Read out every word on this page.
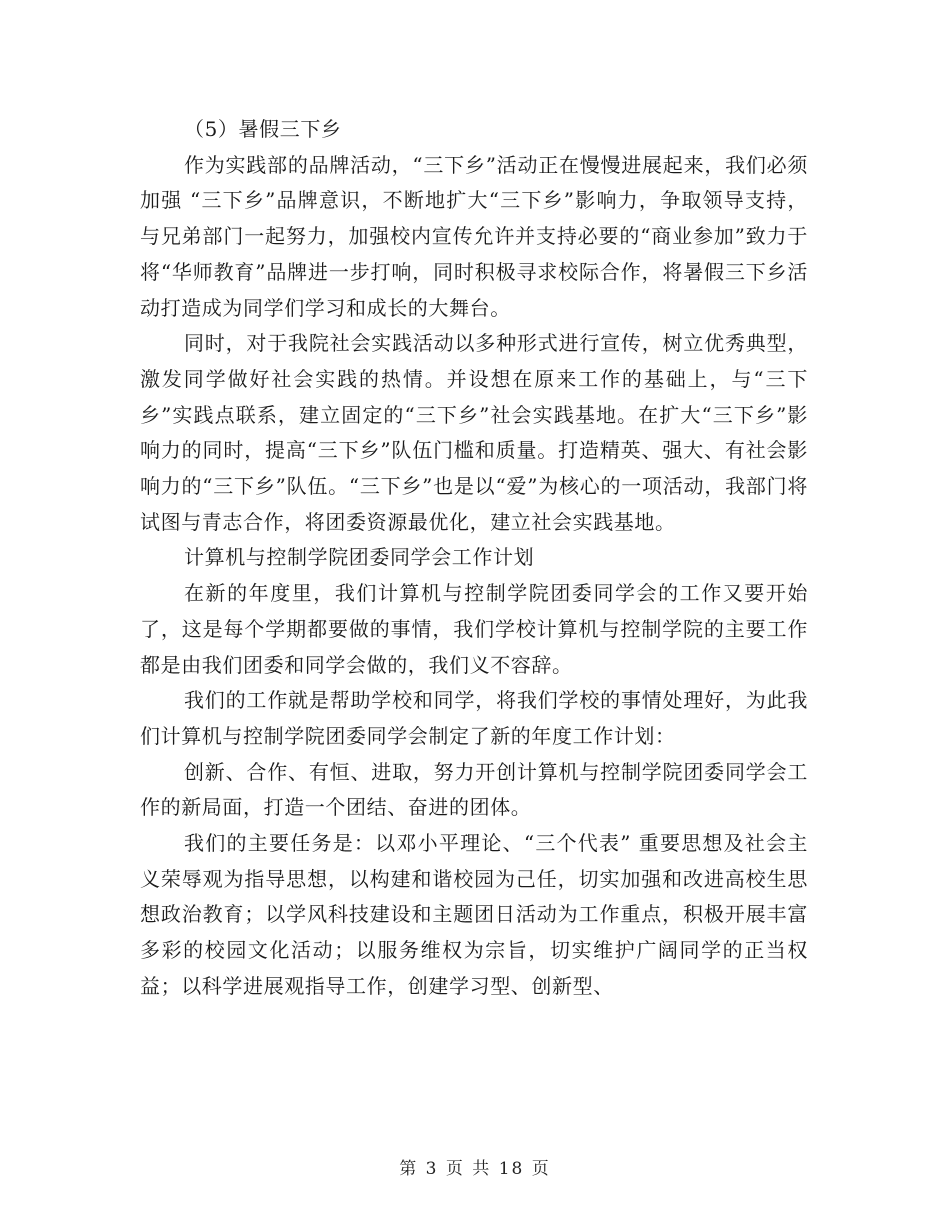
（5）暑假三下乡

作为实践部的品牌活动，“三下乡”活动正在慢慢进展起来，我们必须加强 “三下乡”品牌意识，不断地扩大“三下乡”影响力，争取领导支持，与兄弟部门一起努力，加强校内宣传允许并支持必要的“商业参加”致力于将“华师教育”品牌进一步打响，同时积极寻求校际合作，将暑假三下乡活动打造成为同学们学习和成长的大舞台。

同时，对于我院社会实践活动以多种形式进行宣传，树立优秀典型，激发同学做好社会实践的热情。并设想在原来工作的基础上，与“三下乡”实践点联系，建立固定的“三下乡”社会实践基地。在扩大“三下乡”影响力的同时，提高“三下乡”队伍门槛和质量。打造精英、强大、有社会影响力的“三下乡”队伍。“三下乡”也是以“爱”为核心的一项活动，我部门将试图与青志合作，将团委资源最优化，建立社会实践基地。

计算机与控制学院团委同学会工作计划

在新的年度里，我们计算机与控制学院团委同学会的工作又要开始了，这是每个学期都要做的事情，我们学校计算机与控制学院的主要工作都是由我们团委和同学会做的，我们义不容辞。

我们的工作就是帮助学校和同学，将我们学校的事情处理好，为此我们计算机与控制学院团委同学会制定了新的年度工作计划：

创新、合作、有恒、进取，努力开创计算机与控制学院团委同学会工作的新局面，打造一个团结、奋进的团体。

我们的主要任务是：以邓小平理论、“三个代表” 重要思想及社会主义荣辱观为指导思想，以构建和谐校园为己任，切实加强和改进高校生思想政治教育；以学风科技建设和主题团日活动为工作重点，积极开展丰富多彩的校园文化活动；以服务维权为宗旨，切实维护广阔同学的正当权益；以科学进展观指导工作，创建学习型、创新型、

第 3 页 共 18 页
